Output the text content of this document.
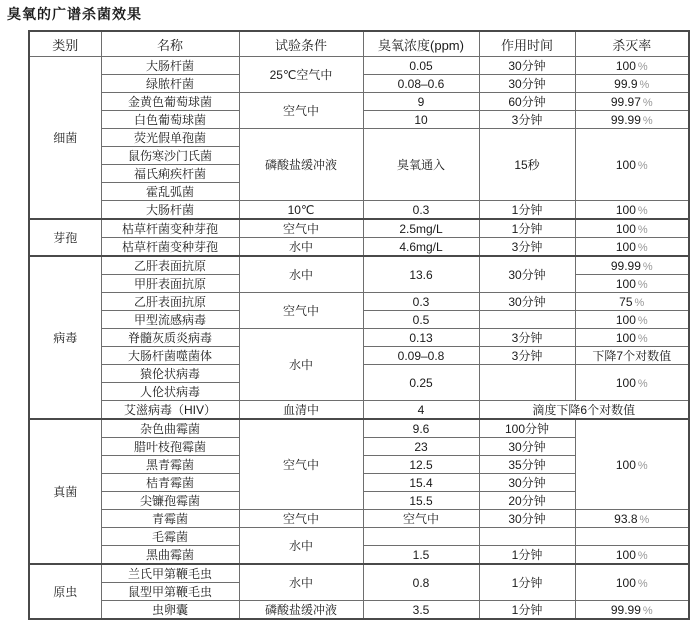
臭氧的广谱杀菌效果
类别	名称	试验条件	臭氧浓度(ppm)	作用时间	杀灭率
细菌	大肠杆菌	25℃空气中	0.05	30分钟	100 %
	绿脓杆菌		0.08–0.6	30分钟	99.9 %
	金黄色葡萄球菌	空气中	9	60分钟	99.97 %
	白色葡萄球菌		10	3分钟	99.99 %
	荧光假单孢菌	磷酸盐缓冲液	臭氧通入	15秒	100 %
	鼠伤寒沙门氏菌				
	福氏痢疾杆菌				
	霍乱弧菌				
	大肠杆菌	10℃	0.3	1分钟	100 %
芽孢	枯草杆菌变种芽孢	空气中	2.5mg/L	1分钟	100 %
	枯草杆菌变种芽孢	水中	4.6mg/L	3分钟	100 %
病毒	乙肝表面抗原	水中	13.6	30分钟	99.99 %
	甲肝表面抗原				100 %
	乙肝表面抗原	空气中	0.3	30分钟	75 %
	甲型流感病毒		0.5		100 %
	脊髓灰质炎病毒	水中	0.13	3分钟	100 %
	大肠杆菌噬菌体		0.09–0.8	3分钟	下降7个对数值
	猿伦状病毒		0.25		100 %
	人伦状病毒				
	艾滋病毒（HIV）	血清中	4	滴度下降6个对数值	
真菌	杂色曲霉菌	空气中	9.6	100分钟	100 %
	腊叶枝孢霉菌		23	30分钟	
	黑青霉菌		12.5	35分钟	
	桔青霉菌		15.4	30分钟	
	尖镰孢霉菌		15.5	20分钟	
	青霉菌	空气中	空气中	30分钟	93.8 %
	毛霉菌	水中			
	黑曲霉菌		1.5	1分钟	100 %
原虫	兰氏甲第鞭毛虫	水中	0.8	1分钟	100 %
	鼠型甲第鞭毛虫				
	虫卵囊	磷酸盐缓冲液	3.5	1分钟	99.99 %
